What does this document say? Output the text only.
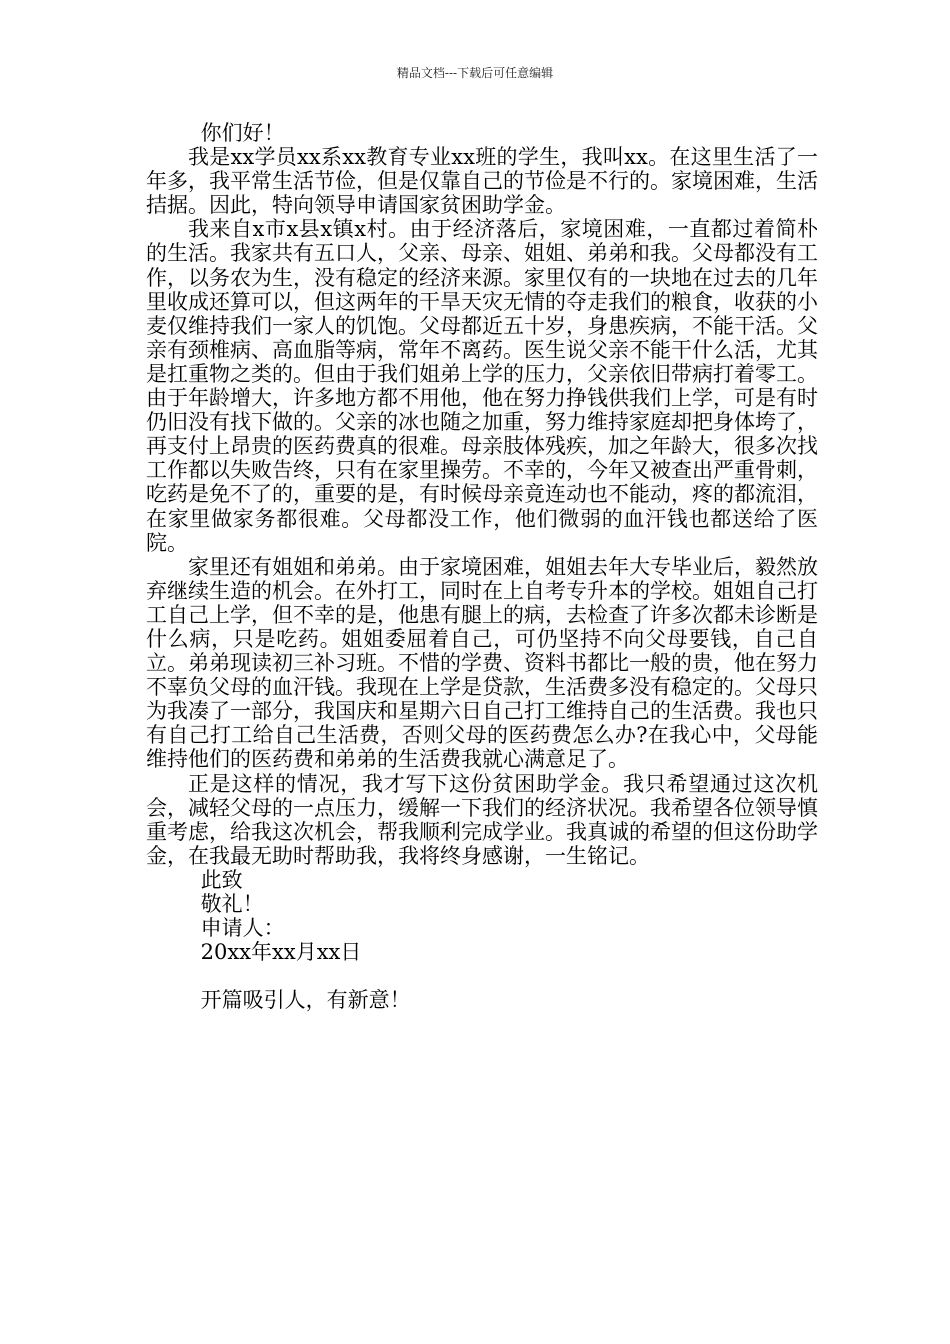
精品文档---下载后可任意编辑

你们好！

我是xx学员xx系xx教育专业xx班的学生，我叫xx。在这里生活了一年多，我平常生活节俭，但是仅靠自己的节俭是不行的。家境困难，生活拮据。因此，特向领导申请国家贫困助学金。

我来自x市x县x镇x村。由于经济落后，家境困难，一直都过着简朴的生活。我家共有五口人，父亲、母亲、姐姐、弟弟和我。父母都没有工作，以务农为生，没有稳定的经济来源。家里仅有的一块地在过去的几年里收成还算可以，但这两年的干旱天灾无情的夺走我们的粮食，收获的小麦仅维持我们一家人的饥饱。父母都近五十岁，身患疾病，不能干活。父亲有颈椎病、高血脂等病，常年不离药。医生说父亲不能干什么活，尤其是扛重物之类的。但由于我们姐弟上学的压力，父亲依旧带病打着零工。由于年龄增大，许多地方都不用他，他在努力挣钱供我们上学，可是有时仍旧没有找下做的。父亲的冰也随之加重，努力维持家庭却把身体垮了，再支付上昂贵的医药费真的很难。母亲肢体残疾，加之年龄大，很多次找工作都以失败告终，只有在家里操劳。不幸的，今年又被查出严重骨刺，吃药是免不了的，重要的是，有时候母亲竟连动也不能动，疼的都流泪，在家里做家务都很难。父母都没工作，他们微弱的血汗钱也都送给了医院。

家里还有姐姐和弟弟。由于家境困难，姐姐去年大专毕业后，毅然放弃继续生造的机会。在外打工，同时在上自考专升本的学校。姐姐自己打工自己上学，但不幸的是，他患有腿上的病，去检查了许多次都未诊断是什么病，只是吃药。姐姐委屈着自己，可仍坚持不向父母要钱，自己自立。弟弟现读初三补习班。不惜的学费、资料书都比一般的贵，他在努力不辜负父母的血汗钱。我现在上学是贷款，生活费多没有稳定的。父母只为我凑了一部分，我国庆和星期六日自己打工维持自己的生活费。我也只有自己打工给自己生活费，否则父母的医药费怎么办?在我心中，父母能维持他们的医药费和弟弟的生活费我就心满意足了。

正是这样的情况，我才写下这份贫困助学金。我只希望通过这次机会，减轻父母的一点压力，缓解一下我们的经济状况。我希望各位领导慎重考虑，给我这次机会，帮我顺利完成学业。我真诚的希望的但这份助学金，在我最无助时帮助我，我将终身感谢，一生铭记。

此致

敬礼！

申请人：

20xx年xx月xx日

开篇吸引人，有新意！
